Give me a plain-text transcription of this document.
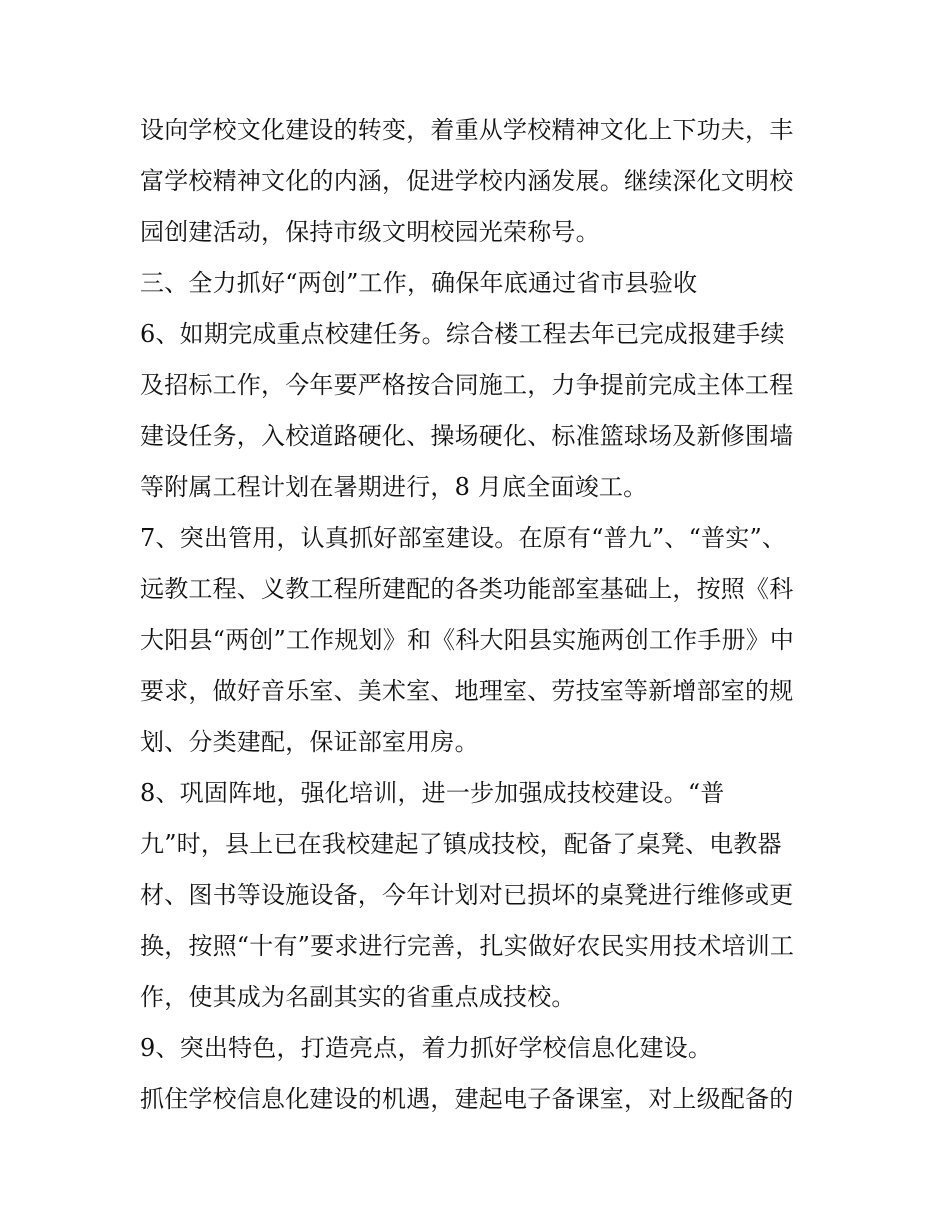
设向学校文化建设的转变，着重从学校精神文化上下功夫，丰
富学校精神文化的内涵，促进学校内涵发展。继续深化文明校
园创建活动，保持市级文明校园光荣称号。
三、全力抓好“两创”工作，确保年底通过省市县验收
6、如期完成重点校建任务。综合楼工程去年已完成报建手续
及招标工作，今年要严格按合同施工，力争提前完成主体工程
建设任务，入校道路硬化、操场硬化、标准篮球场及新修围墙
等附属工程计划在暑期进行，8 月底全面竣工。
7、突出管用，认真抓好部室建设。在原有“普九”、“普实”、
远教工程、义教工程所建配的各类功能部室基础上，按照《科
大阳县“两创”工作规划》和《科大阳县实施两创工作手册》中
要求，做好音乐室、美术室、地理室、劳技室等新增部室的规
划、分类建配，保证部室用房。
8、巩固阵地，强化培训，进一步加强成技校建设。“普
九”时，县上已在我校建起了镇成技校，配备了桌凳、电教器
材、图书等设施设备，今年计划对已损坏的桌凳进行维修或更
换，按照“十有”要求进行完善，扎实做好农民实用技术培训工
作，使其成为名副其实的省重点成技校。
9、突出特色，打造亮点，着力抓好学校信息化建设。
抓住学校信息化建设的机遇，建起电子备课室，对上级配备的
